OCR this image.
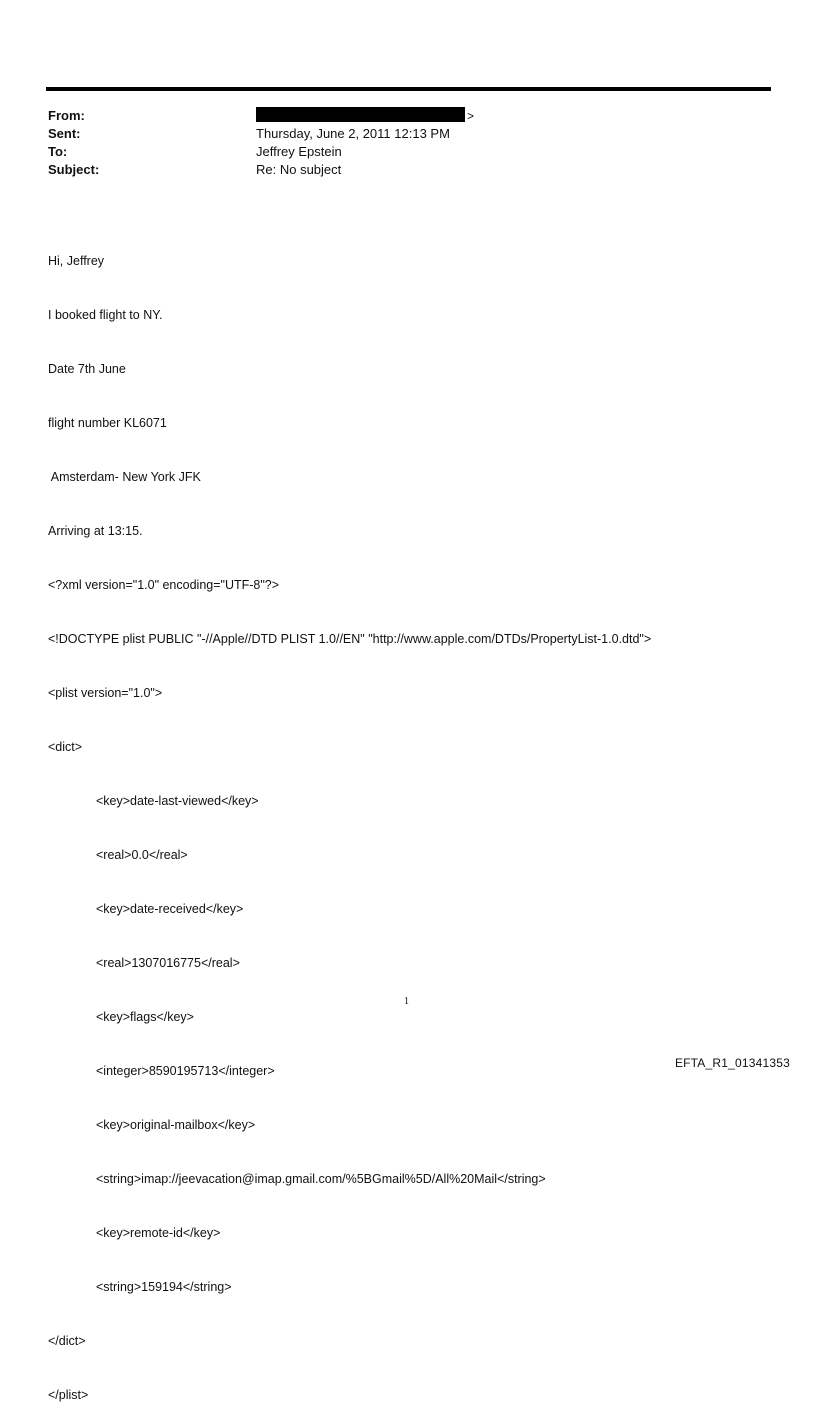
From:	>
Sent:	Thursday, June 2, 2011 12:13 PM
To:	Jeffrey Epstein
Subject:	Re: No subject

Hi, Jeffrey

I booked flight to NY.

Date 7th June

flight number KL6071

Amsterdam- New York JFK

Arriving at 13:15.

<?xml version="1.0" encoding="UTF-8"?>

<!DOCTYPE plist PUBLIC "-//Apple//DTD PLIST 1.0//EN" "http://www.apple.com/DTDs/PropertyList-1.0.dtd">

<plist version="1.0">

<dict>

<key>date-last-viewed</key>

<real>0.0</real>

<key>date-received</key>

<real>1307016775</real>

<key>flags</key>

<integer>8590195713</integer>

<key>original-mailbox</key>

<string>imap://jeevacation@imap.gmail.com/%5BGmail%5D/All%20Mail</string>

<key>remote-id</key>

<string>159194</string>

</dict>

</plist>

1
EFTA_R1_01341353
